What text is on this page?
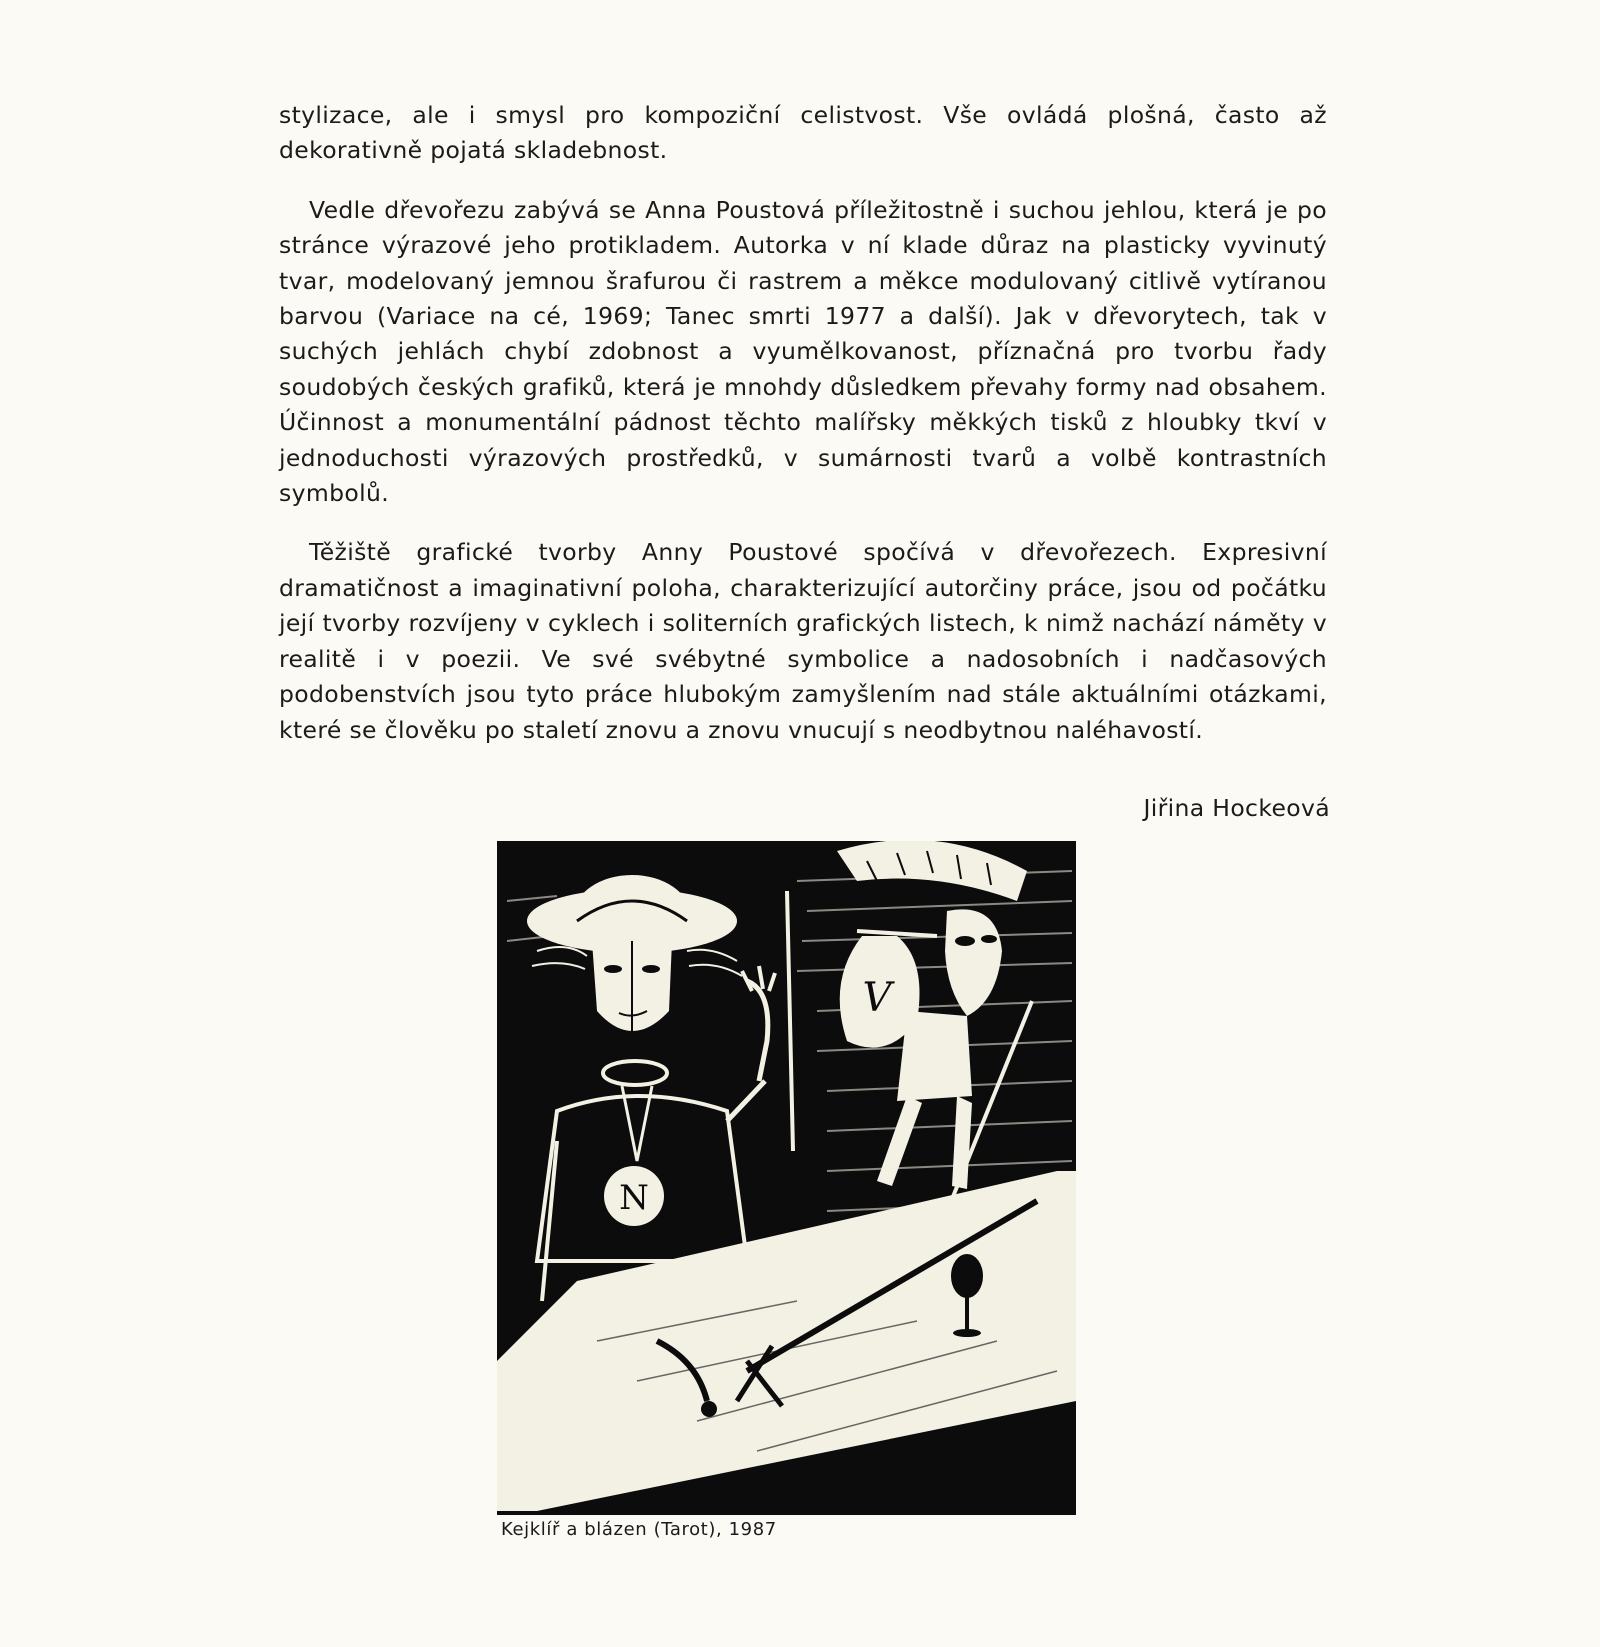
stylizace, ale i smysl pro kompoziční celistvost. Vše ovládá plošná, často až dekorativně pojatá skladebnost.

Vedle dřevořezu zabývá se Anna Poustová příležitostně i suchou jehlou, která je po stránce výrazové jeho protikladem. Autorka v ní klade důraz na plasticky vyvinutý tvar, modelovaný jemnou šrafurou či rastrem a měkce modulovaný citlivě vytíranou barvou (Variace na cé, 1969; Tanec smrti 1977 a další). Jak v dřevorytech, tak v suchých jehlách chybí zdobnost a vyumělkovanost, příznačná pro tvorbu řady soudobých českých grafiků, která je mnohdy důsledkem převahy formy nad obsahem. Účinnost a monumentální pádnost těchto malířsky měkkých tisků z hloubky tkví v jednoduchosti výrazových prostředků, v sumárnosti tvarů a volbě kontrastních symbolů.

Těžiště grafické tvorby Anny Poustové spočívá v dřevořezech. Expresivní dramatičnost a imaginativní poloha, charakterizující autorčiny práce, jsou od počátku její tvorby rozvíjeny v cyklech i soliterních grafických listech, k nimž nachází náměty v realitě i v poezii. Ve své svébytné symbolice a nadosobních i nadčasových podobenstvích jsou tyto práce hlubokým zamyšlením nad stále aktuálními otázkami, které se člověku po staletí znovu a znovu vnucují s neodbytnou naléhavostí.

Jiřina Hockeová
N
V
Kejklíř a blázen (Tarot), 1987
